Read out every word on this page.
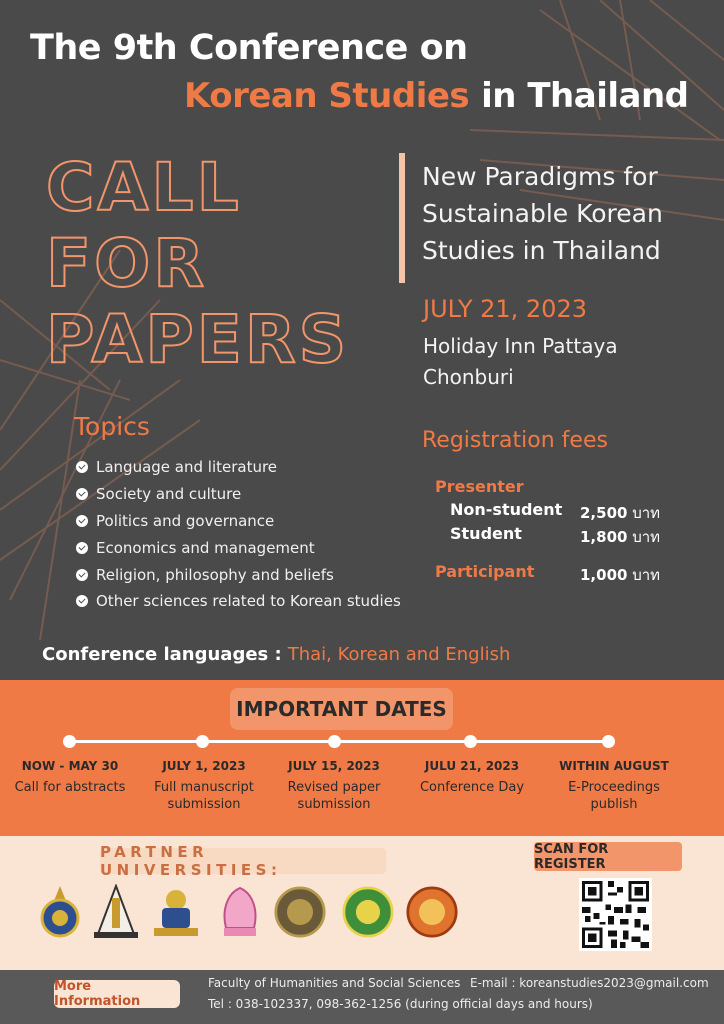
The 9th Conference on
Korean Studies in Thailand
CALL
FOR
PAPERS
New Paradigms for
Sustainable Korean
Studies in Thailand
JULY 21, 2023
Holiday Inn Pattaya
Chonburi
Topics
Language and literature
Society and culture
Politics and governance
Economics and management
Religion, philosophy and beliefs
Other sciences related to Korean studies
Registration fees
Presenter
Non-student 2,500 บาท
Student	1,800 บาท
Participant	1,000 บาท
Conference languages : Thai, Korean and English
IMPORTANT DATES
NOW - MAY 30
Call for abstracts
JULY 1, 2023
Full manuscript
submission
JULY 15, 2023
Revised paper
submission
JULU 21, 2023
Conference Day
WITHIN AUGUST
E-Proceedings publish
PARTNER UNIVERSITIES:
SCAN FOR REGISTER
More Information
Faculty of Humanities and Social Sciences E-mail : koreanstudies2023@gmail.com
Tel : 038-102337, 098-362-1256 (during official days and hours)
